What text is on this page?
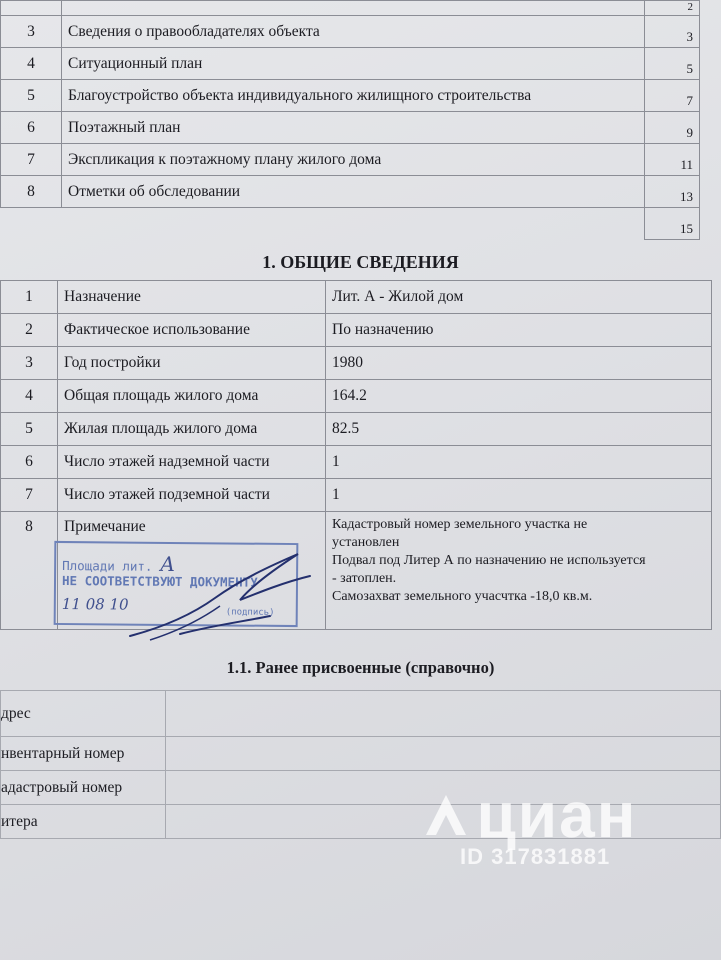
		2
3	Сведения о правообладателях объекта	3
4	Ситуационный план	5
5	Благоустройство объекта индивидуального жилищного строительства	7
6	Поэтажный план	9
7	Экспликация к поэтажному плану жилого дома	11
8	Отметки об обследовании	13
		15
1. ОБЩИЕ СВЕДЕНИЯ
1	Назначение	Лит. А - Жилой дом
2	Фактическое использование	По назначению
3	Год постройки	1980
4	Общая площадь жилого дома	164.2
5	Жилая площадь жилого дома	82.5
6	Число этажей надземной части	1
7	Число этажей подземной части	1
8	Примечание	Кадастровый номер земельного участка не
установлен
Подвал под Литер А по назначению не используется
- затоплен.
Самозахват земельного учасчтка -18,0 кв.м.
Площади лит. А
НЕ СООТВЕТСТВУЮТ ДОКУМЕНТУ
11 08 10	(подпись)
1.1. Ранее присвоенные (справочно)
дрес	
нвентарный номер	
адастровый номер	
итера		циан
ID 317831881
